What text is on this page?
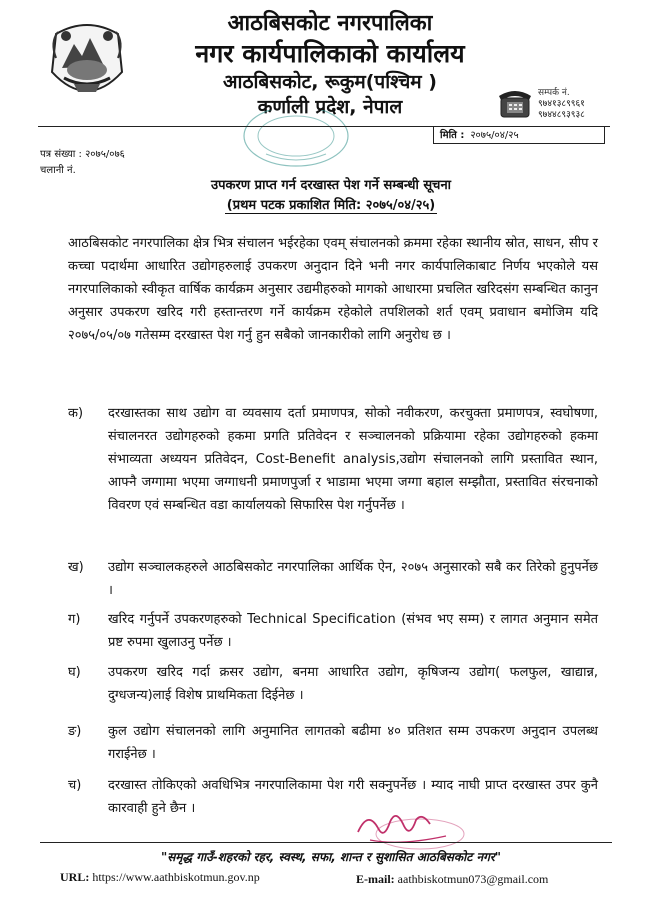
आठबिसकोट नगरपालिका
नगर कार्यपालिकाको कार्यालय
आठबिसकोट, रूकुम(पश्चिम )
कर्णाली प्रदेश, नेपाल
सम्पर्क नं.
९७४१३८९९६१
९७४४८९३९३८
मिति : २०७५/०४/२५
पत्र संख्या : २०७५/०७६
चलानी नं.
उपकरण प्राप्त गर्न दरखास्त पेश गर्ने सम्बन्धी सूचना
(प्रथम पटक प्रकाशित मिति: २०७५/०४/२५)
आठबिसकोट नगरपालिका क्षेत्र भित्र संचालन भईरहेका एवम् संचालनको क्रममा रहेका स्थानीय स्रोत, साधन, सीप र कच्चा पदार्थमा आधारित उद्योगहरुलाई उपकरण अनुदान दिने भनी नगर कार्यपालिकाबाट निर्णय भएकोले यस नगरपालिकाको स्वीकृत वार्षिक कार्यक्रम अनुसार उद्यमीहरुको मागको आधारमा प्रचलित खरिदसंग सम्बन्धित कानुन अनुसार उपकरण खरिद गरी हस्तान्तरण गर्ने कार्यक्रम रहेकोले तपशिलको शर्त एवम् प्रवाधान बमोजिम यदि २०७५/०५/०७ गतेसम्म दरखास्त पेश गर्नु हुन सबैको जानकारीको लागि अनुरोध छ ।
क)	दरखास्तका साथ उद्योग वा व्यवसाय दर्ता प्रमाणपत्र, सोको नवीकरण, करचुक्ता प्रमाणपत्र, स्वघोषणा, संचालनरत उद्योगहरुको हकमा प्रगति प्रतिवेदन र सञ्चालनको प्रक्रियामा रहेका उद्योगहरुको हकमा संभाव्यता अध्ययन प्रतिवेदन, Cost-Benefit analysis,उद्योग संचालनको लागि प्रस्तावित स्थान, आफ्नै जग्गामा भएमा जग्गाधनी प्रमाणपुर्जा र भाडामा भएमा जग्गा बहाल सम्झौता, प्रस्तावित संरचनाको विवरण एवं सम्बन्धित वडा कार्यालयको सिफारिस पेश गर्नुपर्नेछ ।
ख)	उद्योग सञ्चालकहरुले आठबिसकोट नगरपालिका आर्थिक ऐन, २०७५ अनुसारको सबै कर तिरेको हुनुपर्नेछ ।
ग)	खरिद गर्नुपर्ने उपकरणहरुको Technical Specification (संभव भए सम्म) र लागत अनुमान समेत प्रष्ट रुपमा खुलाउनु पर्नेछ ।
घ)	उपकरण खरिद गर्दा क्रसर उद्योग, बनमा आधारित उद्योग, कृषिजन्य उद्योग( फलफुल, खाद्यान्न, दुग्धजन्य)लाई विशेष प्राथमिकता दिईनेछ ।
ङ)	कुल उद्योग संचालनको लागि अनुमानित लागतको बढीमा ४० प्रतिशत सम्म उपकरण अनुदान उपलब्ध गराईनेछ ।
च)	दरखास्त तोकिएको अवधिभित्र नगरपालिकामा पेश गरी सक्नुपर्नेछ । म्याद नाघी प्राप्त दरखास्त उपर कुनै कारवाही हुने छैन ।
"समृद्ध गाउँ-शहरको रहर, स्वस्थ, सफा, शान्त र सुशासित आठबिसकोट नगर"
URL: https://www.aathbiskotmun.gov.np	E-mail: aathbiskotmun073@gmail.com
